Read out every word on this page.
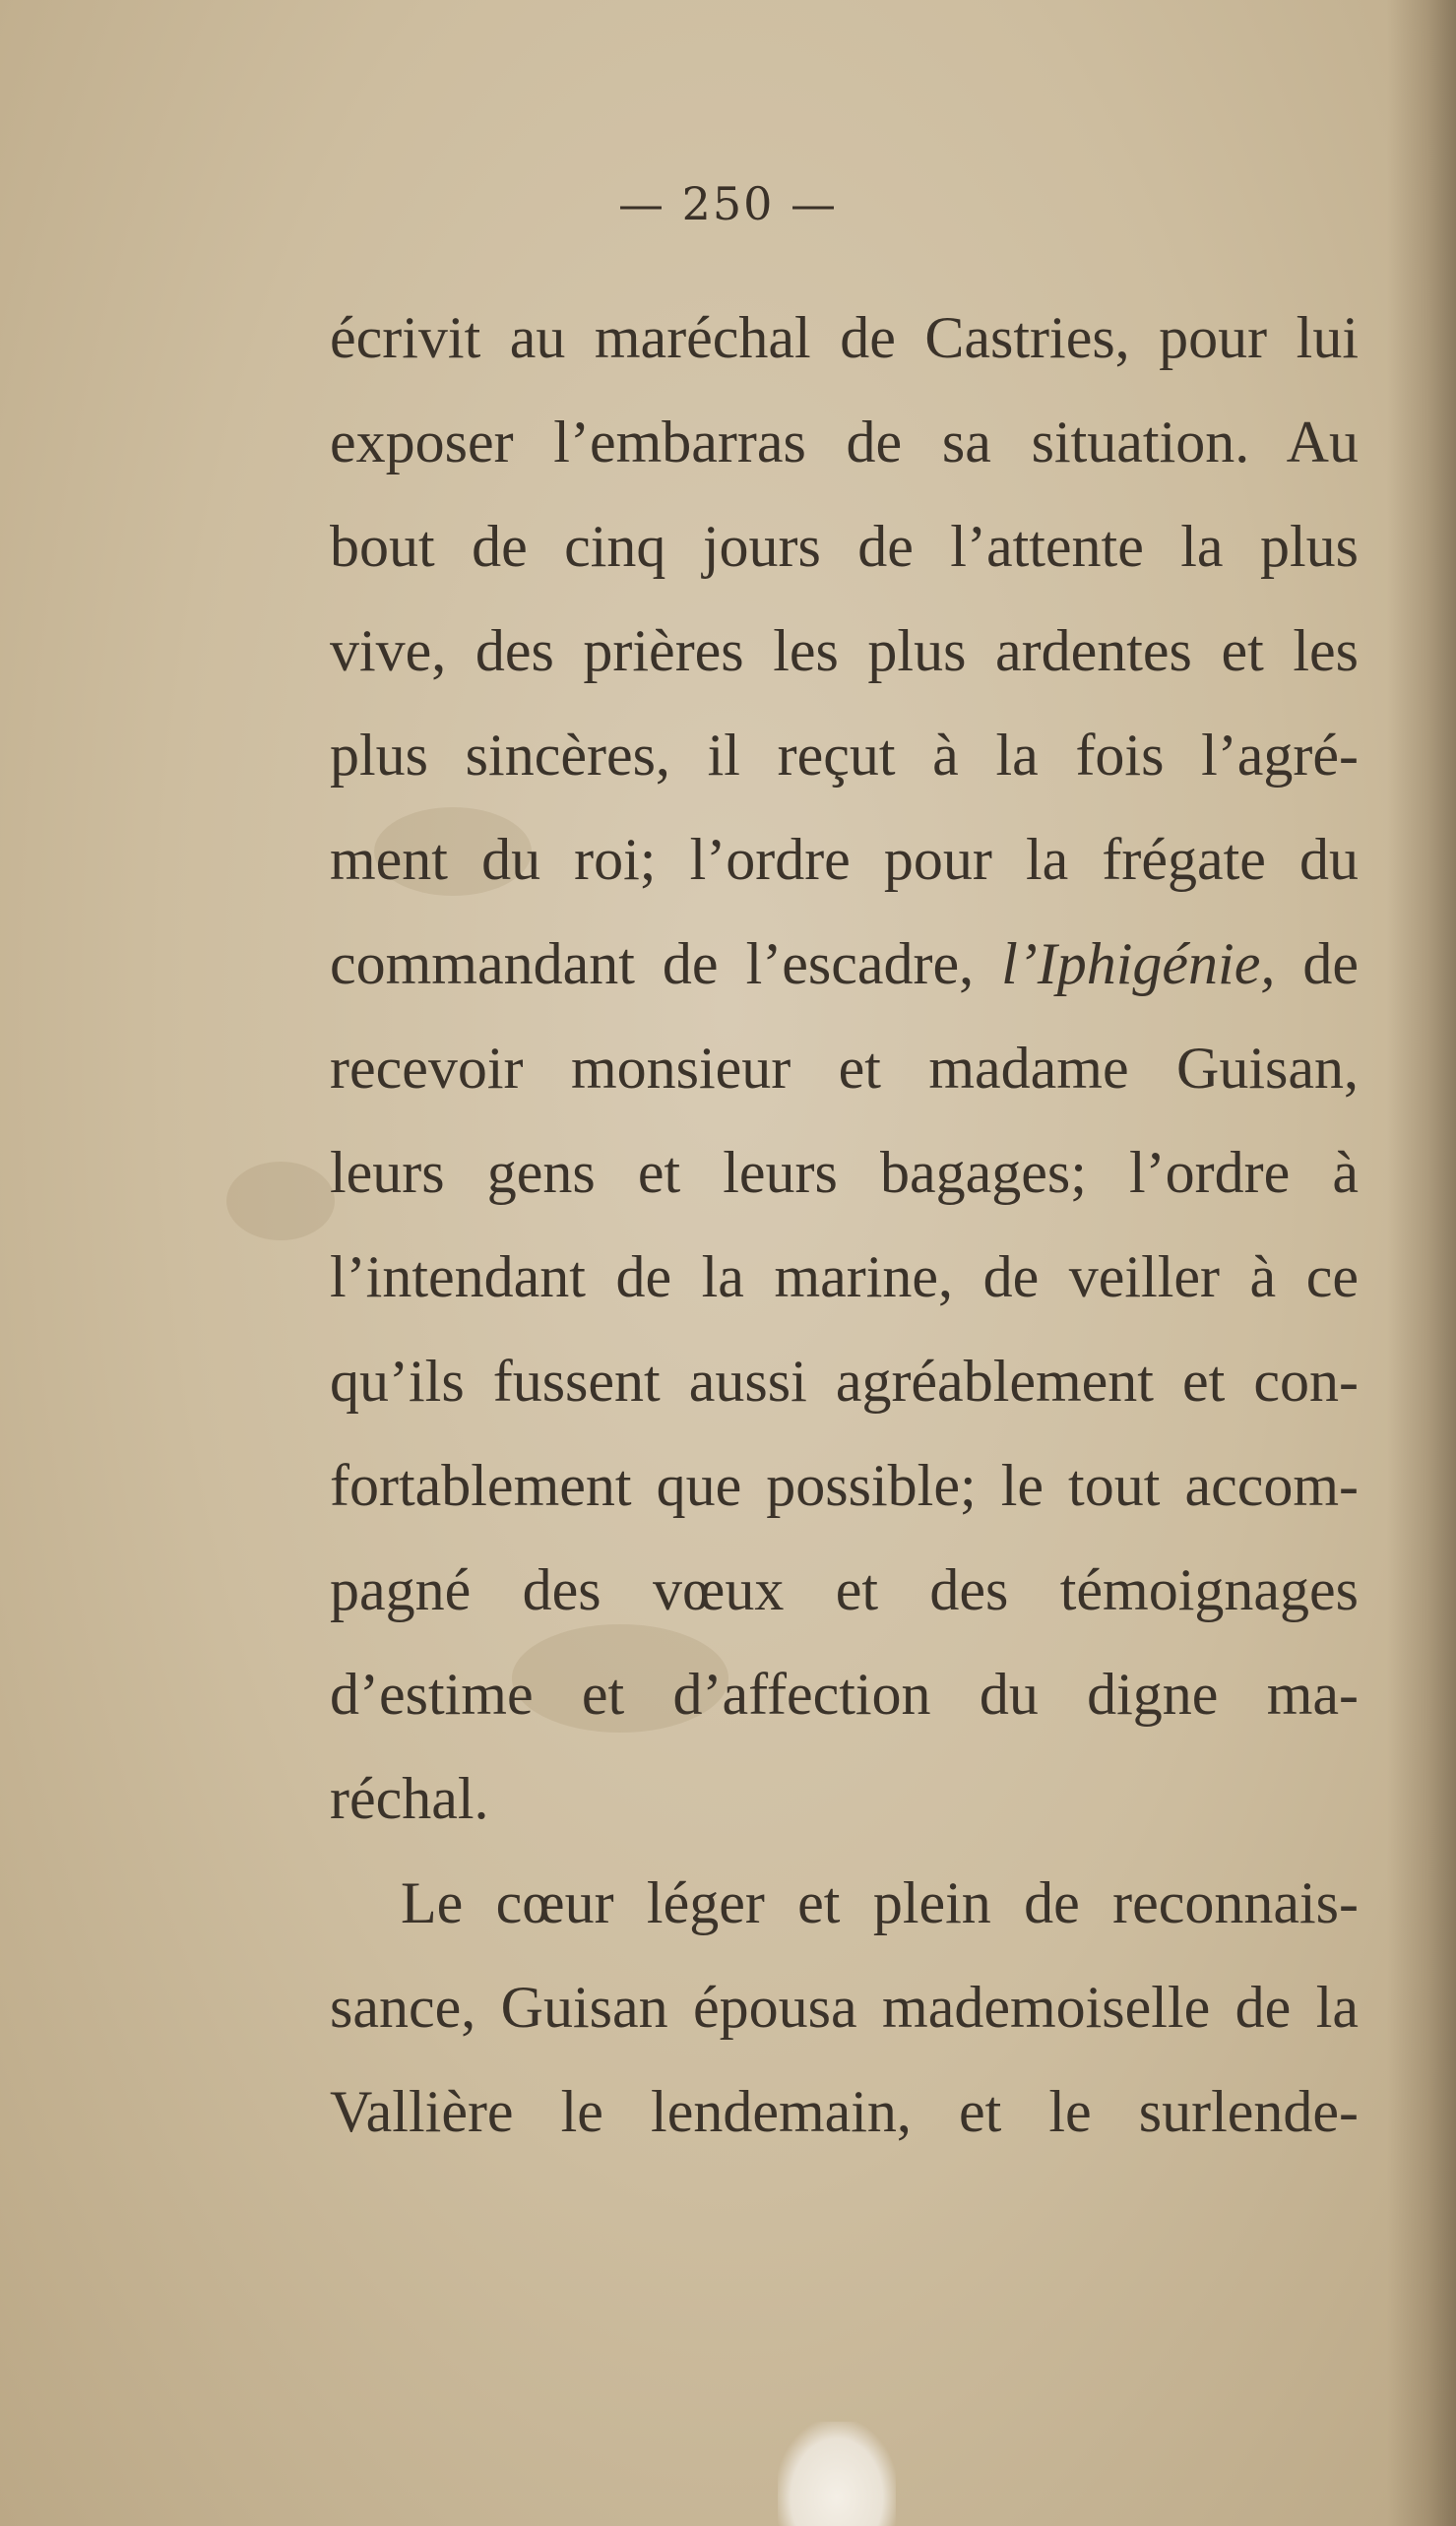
— 250 —
écrivit au maréchal de Castries, pour lui
exposer l’embarras de sa situation. Au
bout de cinq jours de l’attente la plus
vive, des prières les plus ardentes et les
plus sincères, il reçut à la fois l’agré-
ment du roi; l’ordre pour la frégate du
commandant de l’escadre, l’Iphigénie, de
recevoir monsieur et madame Guisan,
leurs gens et leurs bagages; l’ordre à
l’intendant de la marine, de veiller à ce
qu’ils fussent aussi agréablement et con-
fortablement que possible; le tout accom-
pagné des vœux et des témoignages
d’estime et d’affection du digne ma-
réchal.
Le cœur léger et plein de reconnais-
sance, Guisan épousa mademoiselle de la
Vallière le lendemain, et le surlende-
